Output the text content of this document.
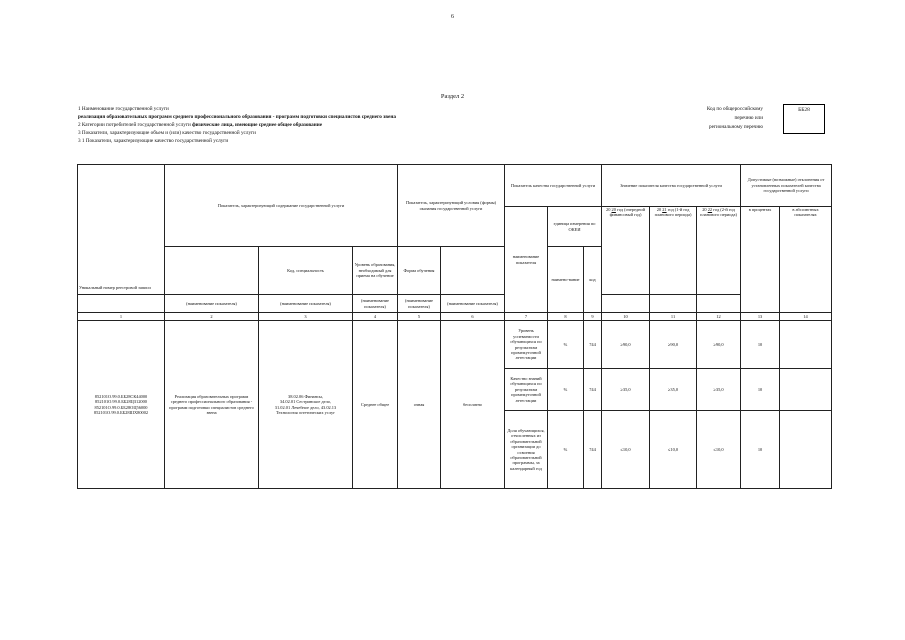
6
Раздел 2
1 Наименование государственной услуги
реализация образовательных программ среднего профессионального образования - программ подготовки специалистов среднего звена
2 Категории потребителей государственной услуги физические лица, имеющие среднее общее образование
3 Показатели, характеризующие объем и (или) качество государственной услуги
3 1 Показатели, характеризующие качество государственной услуги
Код по общероссийскому
перечню или
региональному перечню
ББ28
Уникальный номер реестровой записи	Показатель, характеризующий содержание государственной услуги			Показатель, характеризующий условия (формы) оказания государственной услуги		Показатель качества государственной услуги			Значение показателя качества государственной услуги			Допустимые (возможные) отклонения от установленных показателей качества государственной услуги	
						наименование показателя	единица измерения по ОКЕИ		20 20 год (очередной финансовый год)	20 21 год (1-й год планового периода)	20 22 год (2-й год планового периода)	в процентах	в абсолютных показателях
		Код, специальность	Уровень образования, необходимый для приема на обучение	Форма обучения			наимено-вание	код					
	(наименование показателя)	(наименование показателя)	(наименование показателя)	(наименование показателя)	(наименование показателя)								
1	2	3	4	5	6	7	8	9	10	11	12	13	14
852101О.99.0.ББ28СК44000
852101О.99.0.ББ28ЦЗ12000
852101О.99.0.ББ28ОЦ56000
852101О.99.0.ББ28ШХ80002	Реализация образовательных программ среднего профессионального образования - программ подготовки специалистов среднего звена	38.02.06 Финансы,
34.02.01 Сестринское дело,
31.02.01 Лечебное дело, 43.02.13
Технология эстетических услуг	Среднее общее	очная	бесплатно	Уровень успеваемости обучающихся по результатам промежуточной аттестации	%	744	≥90,0	≥90,0	≥90,0	10	
						Качество знаний обучающихся по результатам промежуточной аттестации	%	744	≥35,0	≥35,0	≥35,0	10	
						Доля обучающихся, отчисленных из образовательной организации до освоения образовательной программы, за календарный год	%	744	≤10,0	≤10,0	≤10,0	10	
